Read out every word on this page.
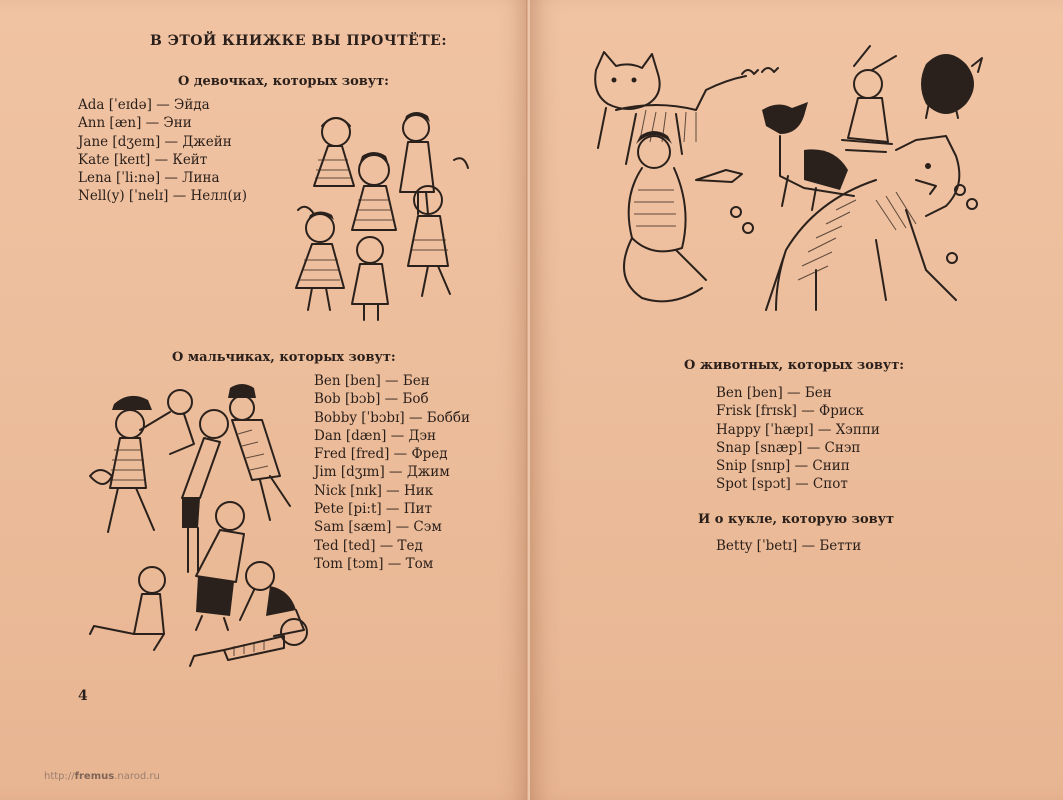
В ЭТОЙ КНИЖКЕ ВЫ ПРОЧТЁТЕ:
О девочках, которых зовут:
Ada [ˈeɪdə] — Эйда
Ann [æn] — Эни
Jane [dʒeɪn] — Джейн
Kate [keɪt] — Кейт
Lena [ˈli:nə] — Лина
Nell(y) [ˈnelɪ] — Нелл(и)
О мальчиках, которых зовут:
Ben [ben] — Бен
Bob [bɔb] — Боб
Bobby [ˈbɔbɪ] — Бобби
Dan [dæn] — Дэн
Fred [fred] — Фред
Jim [dʒɪm] — Джим
Nick [nɪk] — Ник
Pete [pi:t] — Пит
Sam [sæm] — Сэм
Ted [ted] — Тед
Tom [tɔm] — Том
4
http://fremus.narod.ru
О животных, которых зовут:
Ben [ben] — Бен
Frisk [frɪsk] — Фриск
Happy [ˈhæpɪ] — Хэппи
Snap [snæp] — Снэп
Snip [snɪp] — Снип
Spot [spɔt] — Спот
И о кукле, которую зовут
Betty [ˈbetɪ] — Бетти
